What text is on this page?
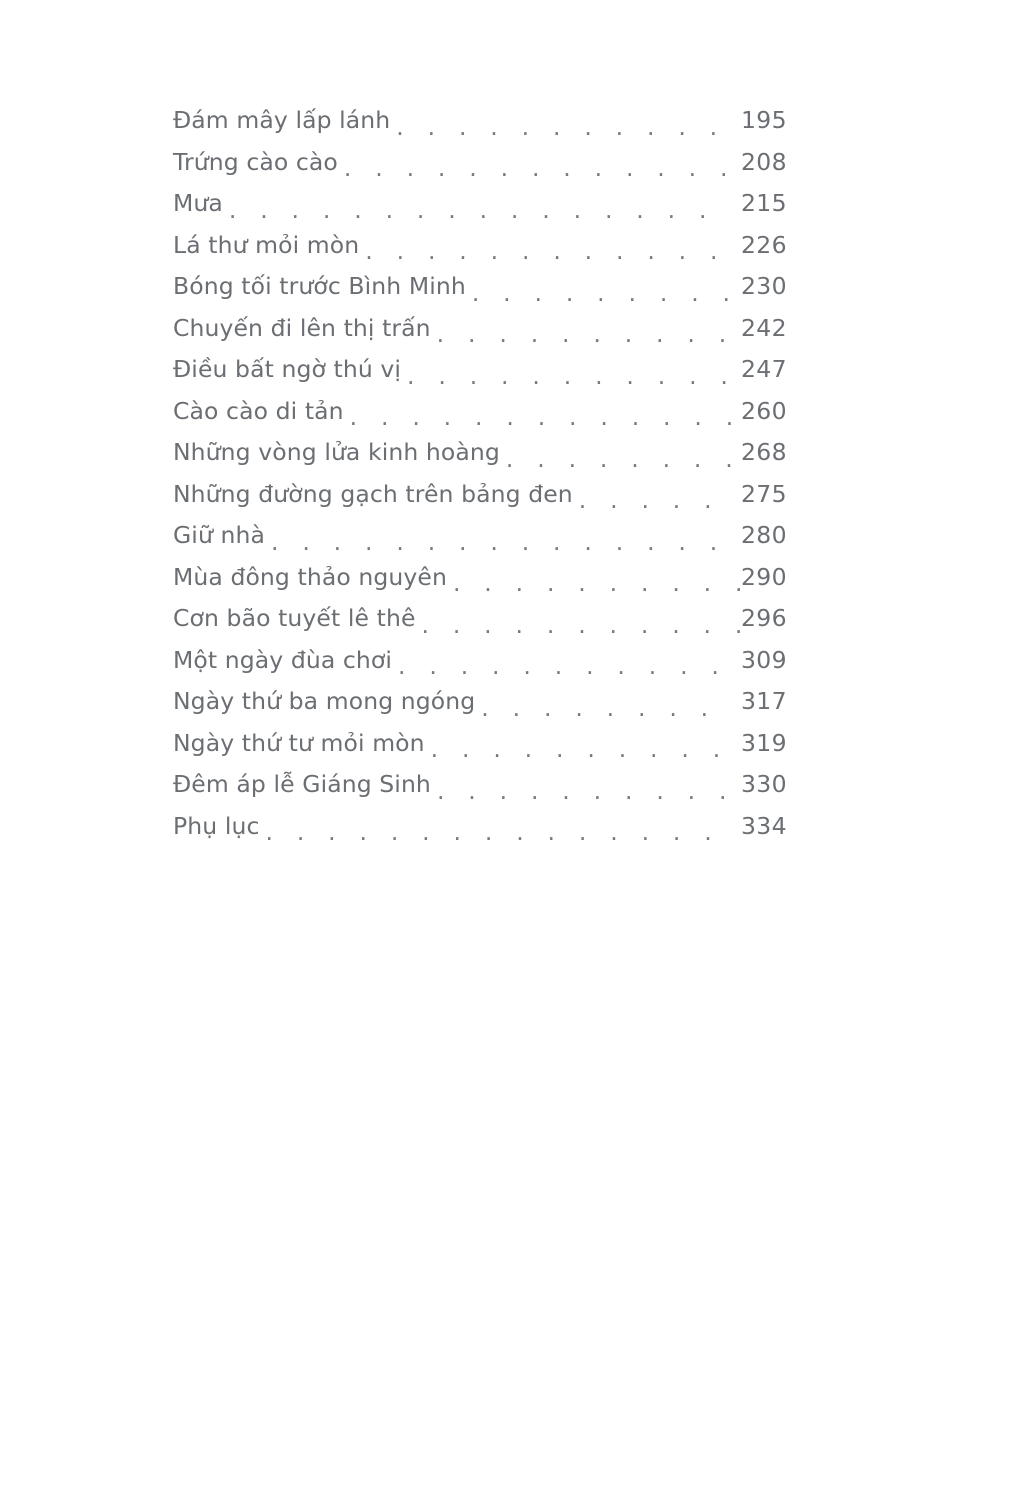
Đám mây lấp lánh . . .	195
Trứng cào cào . . .	208
Mưa . . .	215
Lá thư mỏi mòn . . .	226
Bóng tối trước Bình Minh . . .	230
Chuyến đi lên thị trấn . . .	242
Điều bất ngờ thú vị . . .	247
Cào cào di tản . . .	260
Những vòng lửa kinh hoàng . . .	268
Những đường gạch trên bảng đen . . .	275
Giữ nhà . . .	280
Mùa đông thảo nguyên . . .	290
Cơn bão tuyết lê thê . . .	296
Một ngày đùa chơi . . .	309
Ngày thứ ba mong ngóng . . .	317
Ngày thứ tư mỏi mòn . . .	319
Đêm áp lễ Giáng Sinh . . .	330
Phụ lục . . .	334
